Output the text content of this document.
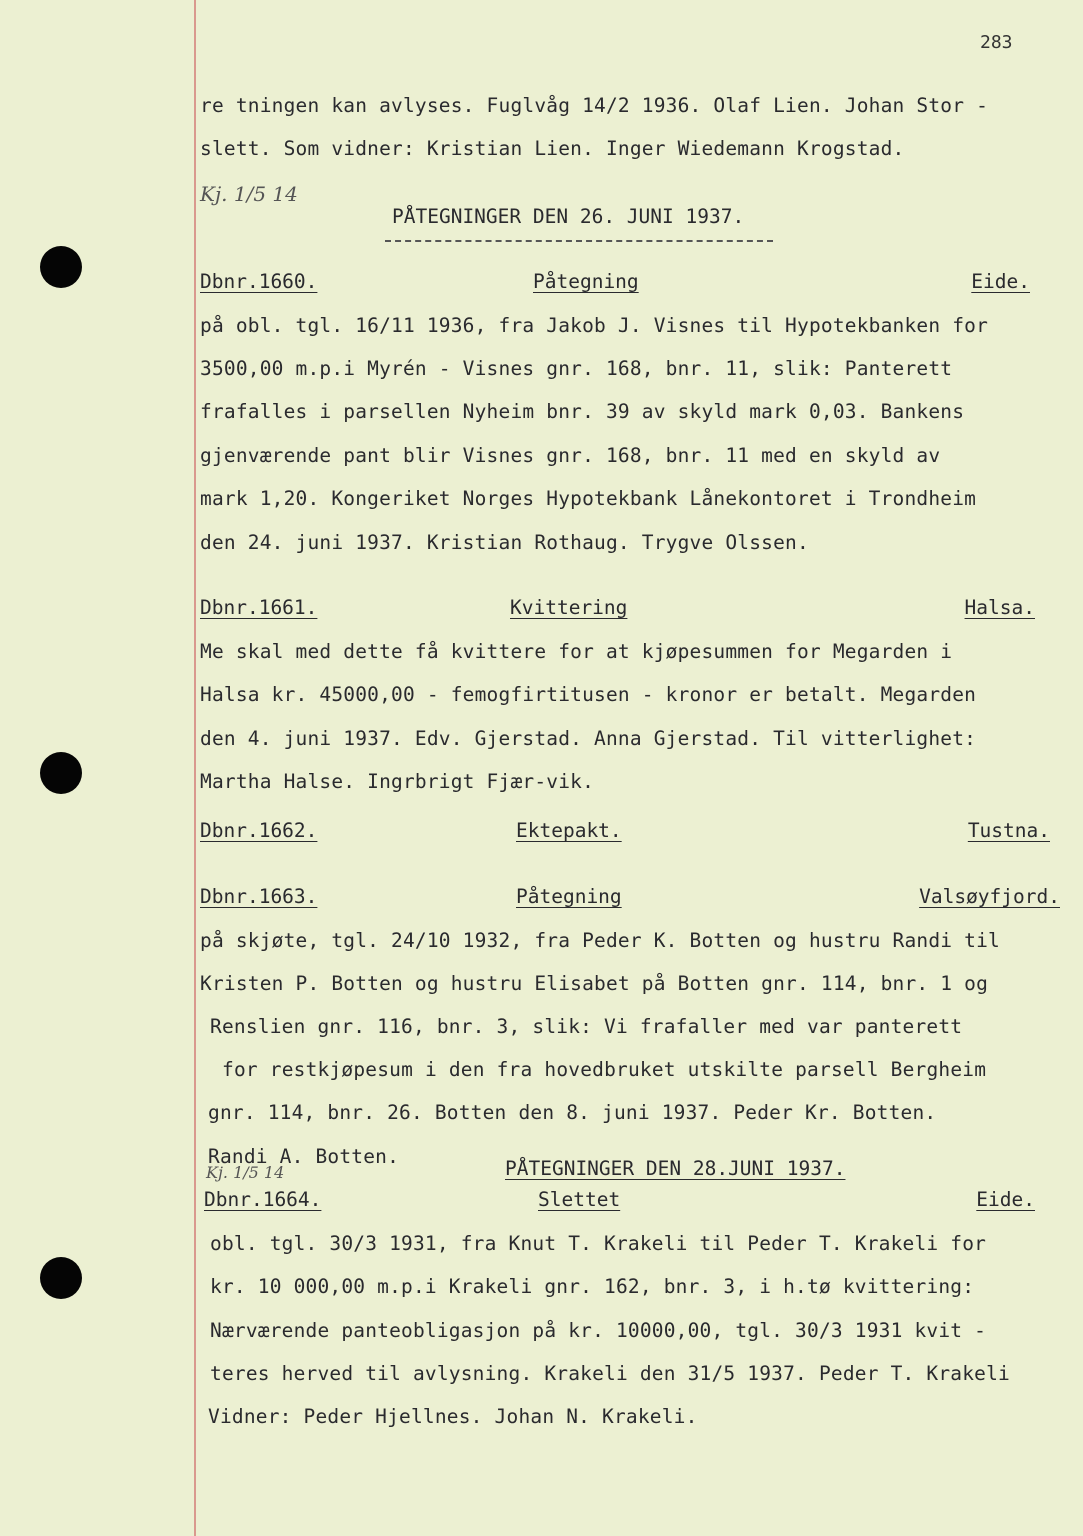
283
re tningen kan avlyses. Fuglvåg 14/2 1936. Olaf Lien. Johan Stor -
slett. Som vidner: Kristian Lien. Inger Wiedemann Krogstad.
Kj. 1/5 14
PÅTEGNINGER DEN 26. JUNI 1937.
Dbnr.1660.	Påtegning	Eide.
på obl. tgl. 16/11 1936, fra Jakob J. Visnes til Hypotekbanken for
3500,00 m.p.i Myrén - Visnes gnr. 168, bnr. 11, slik: Panterett
frafalles i parsellen Nyheim bnr. 39 av skyld mark 0,03. Bankens
gjenværende pant blir Visnes gnr. 168, bnr. 11 med en skyld av
mark 1,20. Kongeriket Norges Hypotekbank Lånekontoret i Trondheim
den 24. juni 1937. Kristian Rothaug. Trygve Olssen.
Dbnr.1661.	Kvittering	Halsa.
Me skal med dette få kvittere for at kjøpesummen for Megarden i
Halsa kr. 45000,00 - femogfirtitusen - kronor er betalt. Megarden
den 4. juni 1937. Edv. Gjerstad. Anna Gjerstad. Til vitterlighet:
Martha Halse. Ingrbrigt Fjær-vik.
Dbnr.1662.	Ektepakt.	Tustna.
Dbnr.1663.	Påtegning	Valsøyfjord.
på skjøte, tgl. 24/10 1932, fra Peder K. Botten og hustru Randi til
Kristen P. Botten og hustru Elisabet på Botten gnr. 114, bnr. 1 og
Renslien gnr. 116, bnr. 3, slik: Vi frafaller med var panterett
for restkjøpesum i den fra hovedbruket utskilte parsell Bergheim
gnr. 114, bnr. 26. Botten den 8. juni 1937. Peder Kr. Botten.
Randi A. Botten.
Kj. 1/5 14	PÅTEGNINGER DEN 28.JUNI 1937.
Dbnr.1664.	Slettet	Eide.
obl. tgl. 30/3 1931, fra Knut T. Krakeli til Peder T. Krakeli for
kr. 10 000,00 m.p.i Krakeli gnr. 162, bnr. 3, i h.tø kvittering:
Nærværende panteobligasjon på kr. 10000,00, tgl. 30/3 1931 kvit -
teres herved til avlysning. Krakeli den 31/5 1937. Peder T. Krakeli
Vidner: Peder Hjellnes. Johan N. Krakeli.
